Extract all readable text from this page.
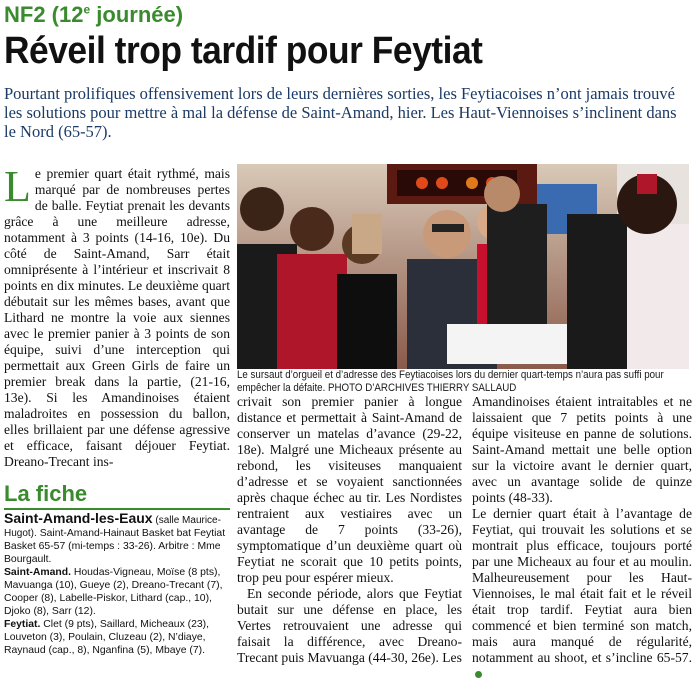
NF2 (12e journée)
Réveil trop tardif pour Feytiat
Pourtant prolifiques offensivement lors de leurs dernières sorties, les Feytiacoises n’ont jamais trouvé les solutions pour mettre à mal la défense de Saint-Amand, hier. Les Haut-Viennoises s’inclinent dans le Nord (65-57).
Le premier quart était rythmé, mais marqué par de nombreuses pertes de balle. Feytiat prenait les devants grâce à une meilleure adresse, notamment à 3 points (14-16, 10e). Du côté de Saint-Amand, Sarr était omniprésente à l’intérieur et inscrivait 8 points en dix minutes. Le deuxième quart débutait sur les mêmes bases, avant que Lithard ne montre la voie aux siennes avec le premier panier à 3 points de son équipe, suivi d’une interception qui permettait aux Green Girls de faire un premier break dans la partie, (21-16, 13e). Si les Amandinoises étaient maladroites en possession du ballon, elles brillaient par une défense agressive et efficace, faisant déjouer Feytiat. Dreano-Trecant ins-
Le sursaut d’orgueil et d’adresse des Feytiacoises lors du dernier quart-temps n’aura pas suffi pour empêcher la défaite. PHOTO D’ARCHIVES THIERRY SALLAUD

crivait son premier panier à longue distance et permettait à Saint-Amand de conserver un matelas d’avance (29-22, 18e). Malgré une Micheaux présente au rebond, les visiteuses manquaient d’adresse et se voyaient sanctionnées après chaque échec au tir. Les Nordistes rentraient aux vestiaires avec un avantage de 7 points (33-26), symptomatique d’un deuxième quart où Feytiat ne scorait que 10 petits points, trop peu pour espérer mieux.

En seconde période, alors que Feytiat butait sur une défense en place, les Vertes retrouvaient une adresse qui faisait la différence, avec Dreano-Trecant puis Mavuanga (44-30, 26e). Les

Amandinoises étaient intraitables et ne laissaient que 7 petits points à une équipe visiteuse en panne de solutions. Saint-Amand mettait une belle option sur la victoire avant le dernier quart, avec un avantage solide de quinze points (48-33).

Le dernier quart était à l’avantage de Feytiat, qui trouvait les solutions et se montrait plus efficace, toujours porté par une Micheaux au four et au moulin. Malheureusement pour les Haut-Viennoises, le mal était fait et le réveil était trop tardif. Feytiat aura bien commencé et bien terminé son match, mais aura manqué de régularité, notamment au shoot, et s’incline 65-57.

La fiche

Saint-Amand-les-Eaux (salle Maurice-Hugot). Saint-Amand-Hainaut Basket bat Feytiat Basket 65-57 (mi-temps : 33-26). Arbitre : Mme Bourgault.

Saint-Amand. Houdas-Vigneau, Moïse (8 pts), Mavuanga (10), Gueye (2), Dreano-Trecant (7), Cooper (8), Labelle-Piskor, Lithard (cap., 10), Djoko (8), Sarr (12).

Feytiat. Clet (9 pts), Saillard, Micheaux (23), Louveton (3), Poulain, Cluzeau (2), N’diaye, Raynaud (cap., 8), Nganfina (5), Mbaye (7).
